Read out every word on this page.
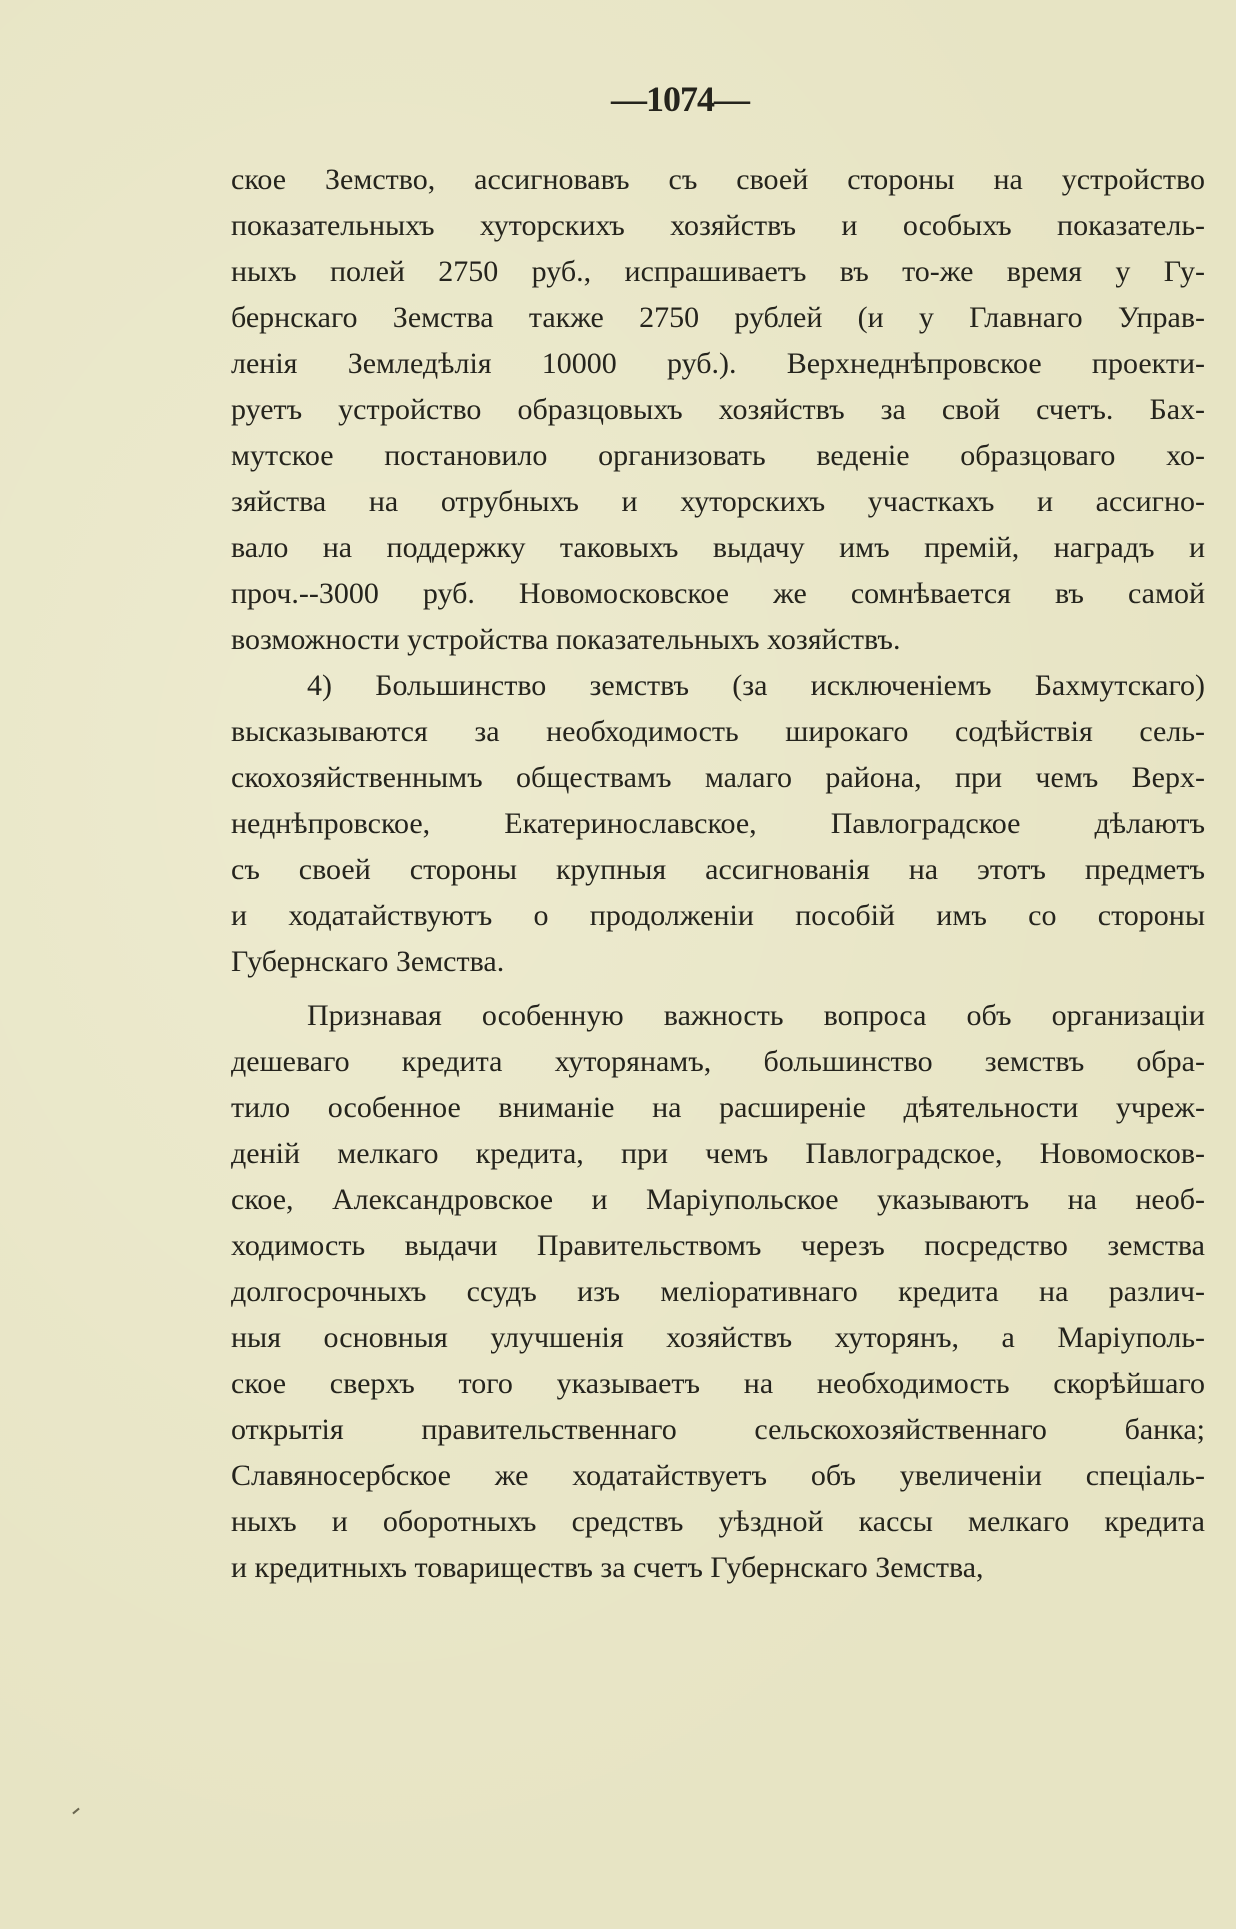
—1074—
ское Земство, ассигновавъ съ своей стороны на устройство
показательныхъ хуторскихъ хозяйствъ и особыхъ показатель-
ныхъ полей 2750 руб., испрашиваетъ въ то-же время у Гу-
бернскаго Земства также 2750 рублей (и у Главнаго Управ-
ленія Земледѣлія 10000 руб.). Верхнеднѣпровское проекти-
руетъ устройство образцовыхъ хозяйствъ за свой счетъ. Бах-
мутское постановило организовать веденіе образцоваго хо-
зяйства на отрубныхъ и хуторскихъ участкахъ и ассигно-
вало на поддержку таковыхъ выдачу имъ премій, наградъ и
проч.--3000 руб. Новомосковское же сомнѣвается въ самой
возможности устройства показательныхъ хозяйствъ.
4) Большинство земствъ (за исключеніемъ Бахмутскаго)
высказываются за необходимость широкаго содѣйствія сель-
скохозяйственнымъ обществамъ малаго района, при чемъ Верх-
неднѣпровское, Екатеринославское, Павлоградское дѣлаютъ
съ своей стороны крупныя ассигнованія на этотъ предметъ
и ходатайствуютъ о продолженіи пособій имъ со стороны
Губернскаго Земства.
Признавая особенную важность вопроса объ организаціи
дешеваго кредита хуторянамъ, большинство земствъ обра-
тило особенное вниманіе на расширеніе дѣятельности учреж-
деній мелкаго кредита, при чемъ Павлоградское, Новомосков-
ское, Александровское и Маріупольское указываютъ на необ-
ходимость выдачи Правительствомъ черезъ посредство земства
долгосрочныхъ ссудъ изъ меліоративнаго кредита на различ-
ныя основныя улучшенія хозяйствъ хуторянъ, а Маріуполь-
ское сверхъ того указываетъ на необходимость скорѣйшаго
открытія правительственнаго сельскохозяйственнаго банка;
Славяносербское же ходатайствуетъ объ увеличеніи спеціаль-
ныхъ и оборотныхъ средствъ уѣздной кассы мелкаго кредита
и кредитныхъ товариществъ за счетъ Губернскаго Земства,
